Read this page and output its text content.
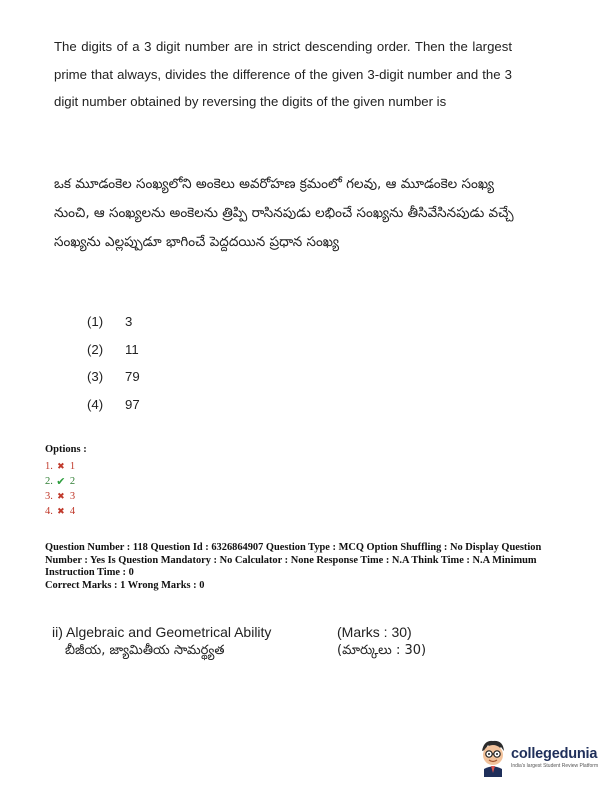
The digits of a 3 digit number are in strict descending order. Then the largest prime that always, divides the difference of the given 3-digit number and the 3 digit number obtained by reversing the digits of the given number is
ఒక మూడంకెల సంఖ్యలోని అంకెలు అవరోహణ క్రమంలో గలవు, ఆ మూడంకెల సంఖ్య నుంచి, ఆ సంఖ్యలను అంకెలను త్రిప్పి రాసినపుడు లభించే సంఖ్యను తీసివేసినపుడు వచ్చే సంఖ్యను ఎల్లప్పుడూ భాగించే పెద్దదయిన ప్రధాన సంఖ్య
(1)	3
(2)	11
(3)	79
(4)	97
Options :
1. ✖ 1
2. ✔ 2
3. ✖ 3
4. ✖ 4
Question Number : 118 Question Id : 6326864907 Question Type : MCQ Option Shuffling : No Display Question Number : Yes Is Question Mandatory : No Calculator : None Response Time : N.A Think Time : N.A Minimum Instruction Time : 0
Correct Marks : 1 Wrong Marks : 0
ii) Algebraic and Geometrical Ability	(Marks : 30)
బీజీయ, జ్యామితీయ సామర్థ్యత	(మార్కులు : 30)
collegedunia
India's largest Student Review Platform
